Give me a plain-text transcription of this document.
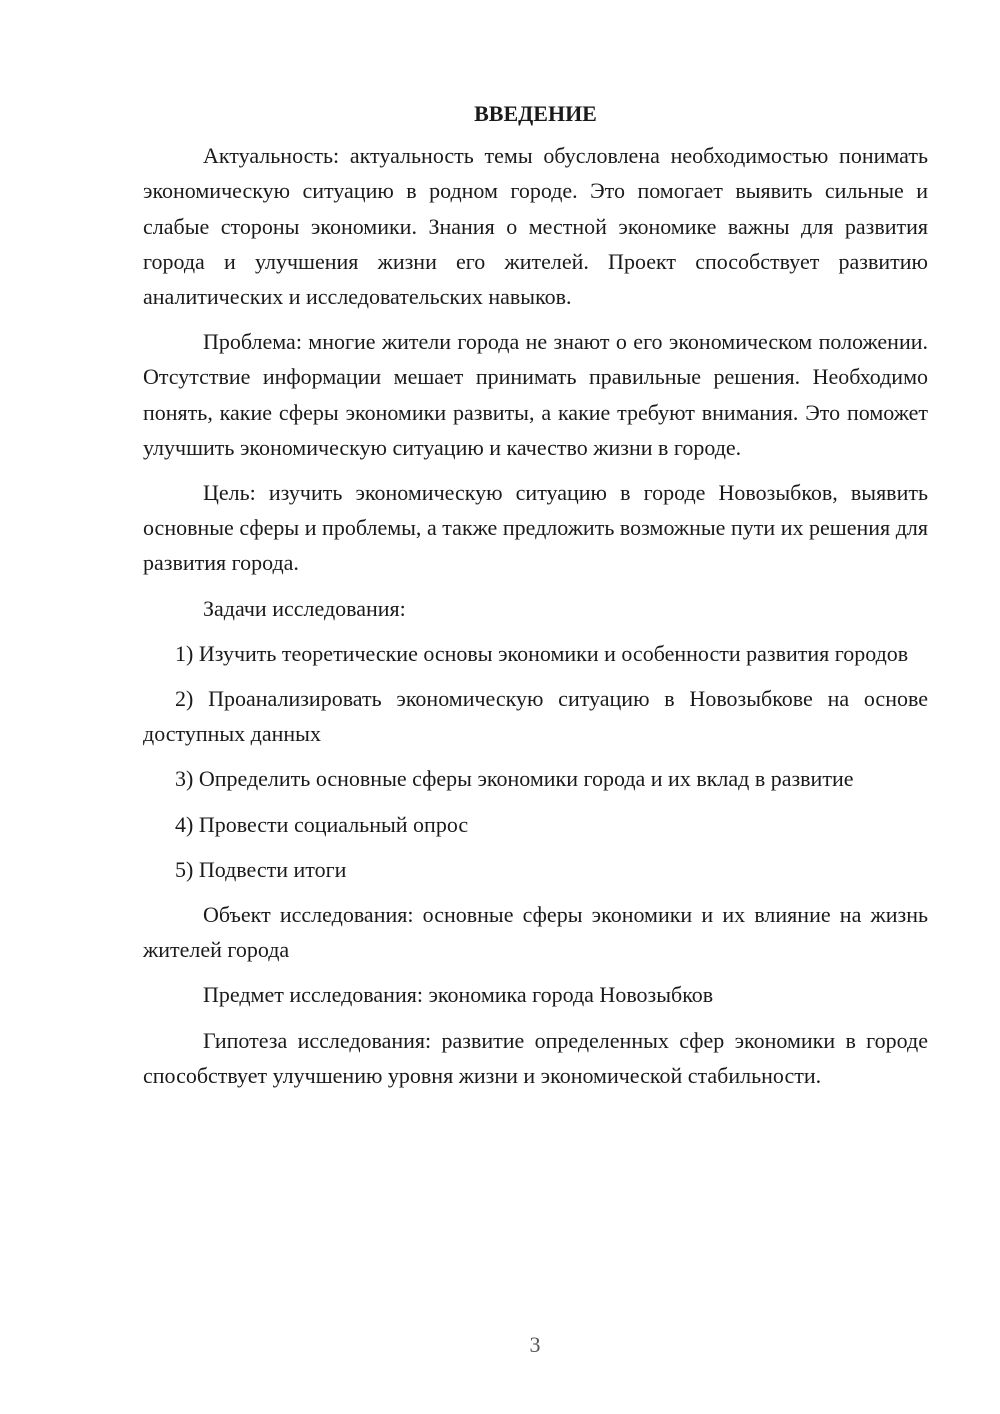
ВВЕДЕНИЕ

Актуальность: актуальность темы обусловлена необходимостью понимать экономическую ситуацию в родном городе. Это помогает выявить сильные и слабые стороны экономики. Знания о местной экономике важны для развития города и улучшения жизни его жителей. Проект способствует развитию аналитических и исследовательских навыков.

Проблема: многие жители города не знают о его экономическом положении. Отсутствие информации мешает принимать правильные решения. Необходимо понять, какие сферы экономики развиты, а какие требуют внимания. Это поможет улучшить экономическую ситуацию и качество жизни в городе.

Цель: изучить экономическую ситуацию в городе Новозыбков, выявить основные сферы и проблемы, а также предложить возможные пути их решения для развития города.

Задачи исследования:

1) Изучить теоретические основы экономики и особенности развития городов

2) Проанализировать экономическую ситуацию в Новозыбкове на основе доступных данных

3) Определить основные сферы экономики города и их вклад в развитие

4) Провести социальный опрос

5) Подвести итоги

Объект исследования: основные сферы экономики и их влияние на жизнь жителей города

Предмет исследования: экономика города Новозыбков

Гипотеза исследования: развитие определенных сфер экономики в городе способствует улучшению уровня жизни и экономической стабильности.

3
